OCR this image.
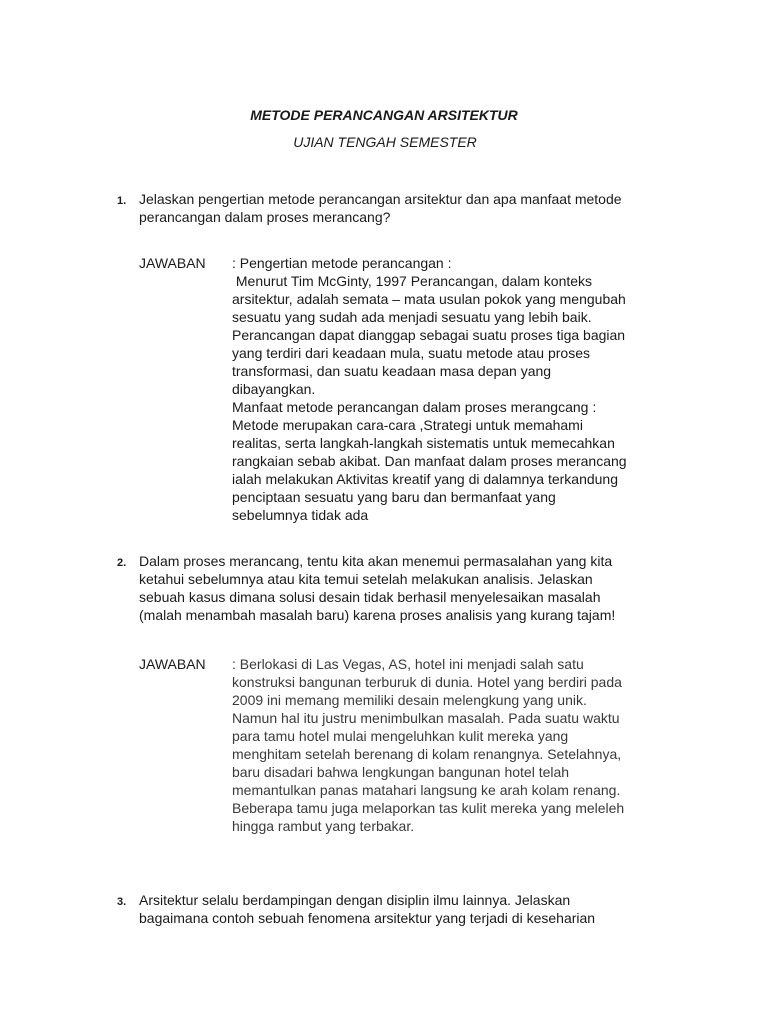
METODE PERANCANGAN ARSITEKTUR
UJIAN TENGAH SEMESTER
1. Jelaskan pengertian metode perancangan arsitektur dan apa manfaat metode
perancangan dalam proses merancang?
JAWABAN : Pengertian metode perancangan :
Menurut Tim McGinty, 1997 Perancangan, dalam konteks
arsitektur, adalah semata – mata usulan pokok yang mengubah
sesuatu yang sudah ada menjadi sesuatu yang lebih baik.
Perancangan dapat dianggap sebagai suatu proses tiga bagian
yang terdiri dari keadaan mula, suatu metode atau proses
transformasi, dan suatu keadaan masa depan yang
dibayangkan.
Manfaat metode perancangan dalam proses merangcang :
Metode merupakan cara-cara ,Strategi untuk memahami
realitas, serta langkah-langkah sistematis untuk memecahkan
rangkaian sebab akibat. Dan manfaat dalam proses merancang
ialah melakukan Aktivitas kreatif yang di dalamnya terkandung
penciptaan sesuatu yang baru dan bermanfaat yang
sebelumnya tidak ada
2. Dalam proses merancang, tentu kita akan menemui permasalahan yang kita
ketahui sebelumnya atau kita temui setelah melakukan analisis. Jelaskan
sebuah kasus dimana solusi desain tidak berhasil menyelesaikan masalah
(malah menambah masalah baru) karena proses analisis yang kurang tajam!
JAWABAN : Berlokasi di Las Vegas, AS, hotel ini menjadi salah satu
konstruksi bangunan terburuk di dunia. Hotel yang berdiri pada
2009 ini memang memiliki desain melengkung yang unik.
Namun hal itu justru menimbulkan masalah. Pada suatu waktu
para tamu hotel mulai mengeluhkan kulit mereka yang
menghitam setelah berenang di kolam renangnya. Setelahnya,
baru disadari bahwa lengkungan bangunan hotel telah
memantulkan panas matahari langsung ke arah kolam renang.
Beberapa tamu juga melaporkan tas kulit mereka yang meleleh
hingga rambut yang terbakar.
3. Arsitektur selalu berdampingan dengan disiplin ilmu lainnya. Jelaskan
bagaimana contoh sebuah fenomena arsitektur yang terjadi di keseharian
